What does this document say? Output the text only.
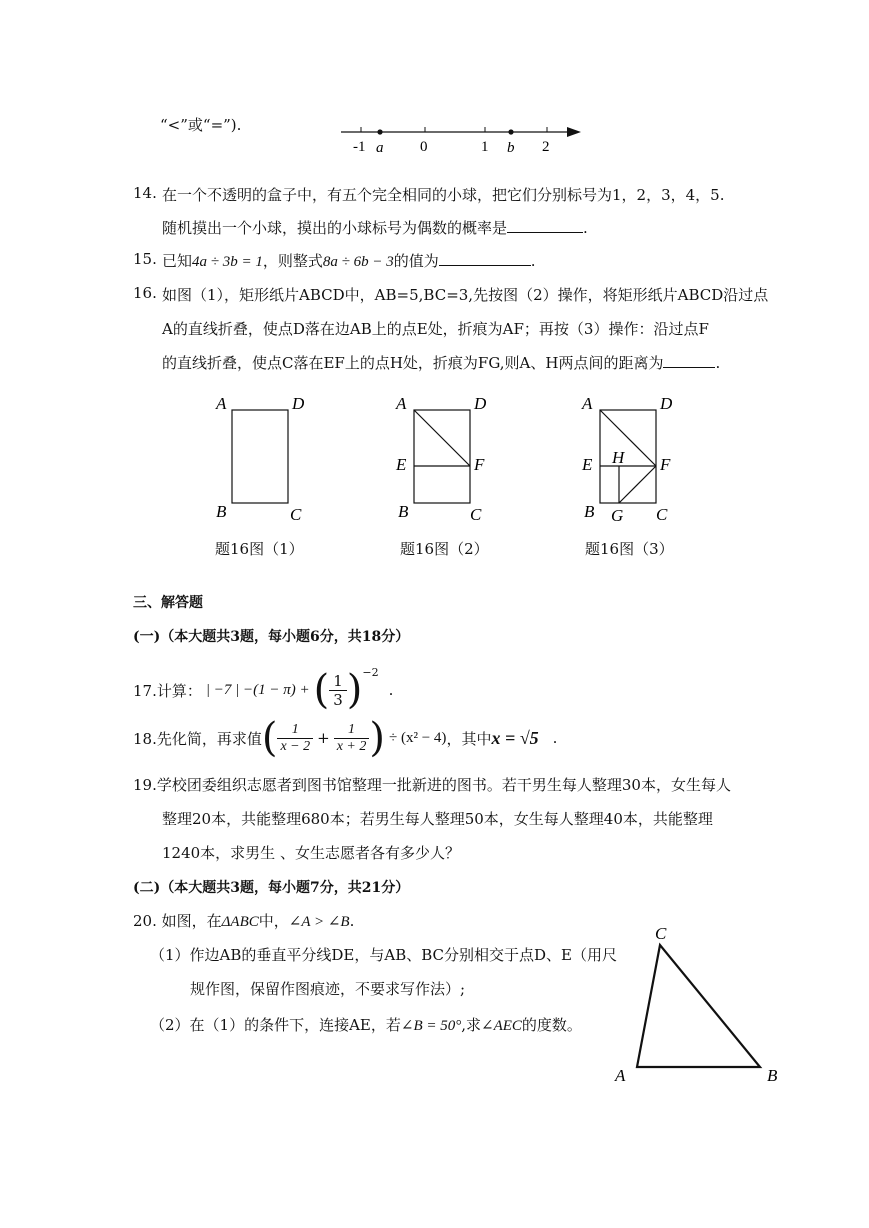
“<”或“=”).
-1	0	1	2
a	b
14. 在一个不透明的盒子中，有五个完全相同的小球，把它们分别标号为1，2，3，4，5.
随机摸出一个小球，摸出的小球标号为偶数的概率是	.
15. 已知4a ÷ 3b = 1，则整式8a ÷ 6b − 3的值为	.
16. 如图（1），矩形纸片ABCD中，AB=5,BC=3,先按图（2）操作，将矩形纸片ABCD沿过点
A的直线折叠，使点D落在边AB上的点E处，折痕为AF；再按（3）操作：沿过点F
的直线折叠，使点C落在EF上的点H处，折痕为FG,则A、H两点间的距离为	.
A	D
B	C
题16图（1）
A	D
E	F
B	C
题16图（2）
A	D
E H F
B G C
题16图（3）
三、解答题
(一)（本大题共3题，每小题6分，共18分）
17.计算： | −7 | −(1 − π) + ( 1
3 ) −2
.
18.先化简，再求值 ( 1
$x - 2 + \frac{1}{x + 2}$ ) ÷ (x² − 4) ，其中 x = √5 .
19.学校团委组织志愿者到图书馆整理一批新进的图书。若干男生每人整理30本，女生每人
整理20本，共能整理680本；若男生每人整理50本，女生每人整理40本，共能整理
1240本，求男生 、女生志愿者各有多少人？
(二)（本大题共3题，每小题7分，共21分）
20. 如图，在ΔABC中，∠A > ∠B.
（1）作边AB的垂直平分线DE，与AB、BC分别相交于点D、E（用尺
规作图，保留作图痕迹，不要求写作法）;
（2）在（1）的条件下，连接AE，若∠B = 50°,求∠AEC的度数。
C
A	B
